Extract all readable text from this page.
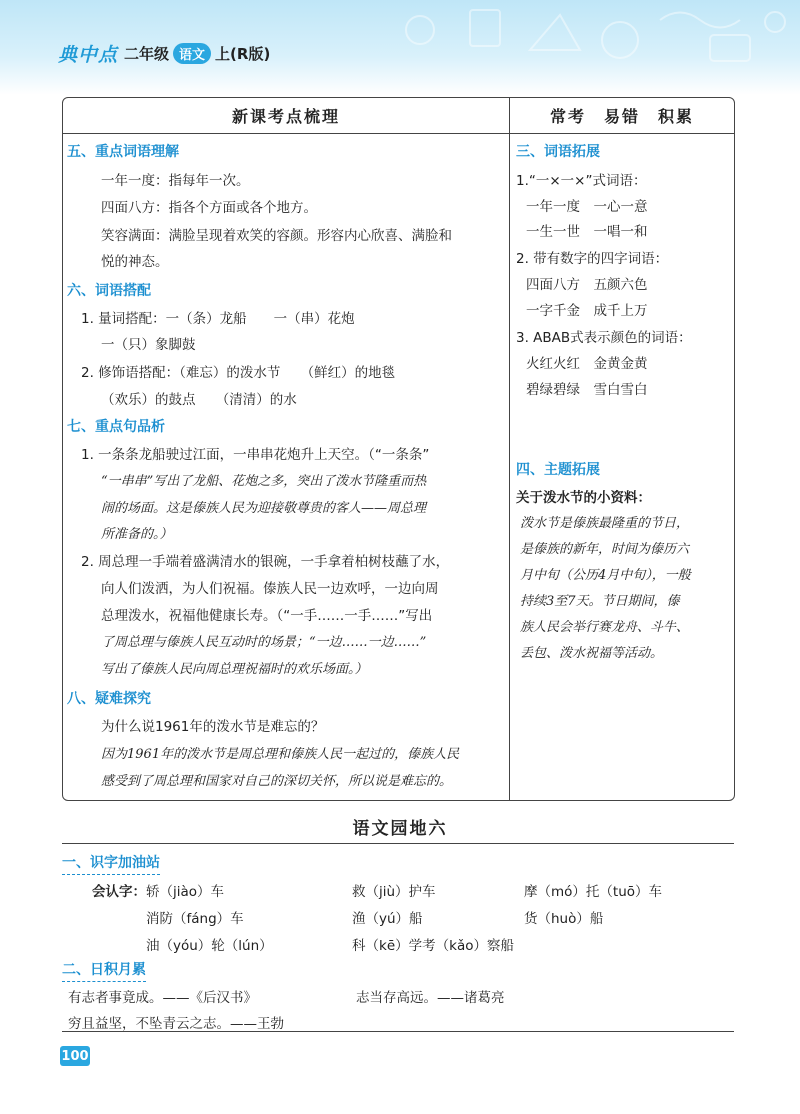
典中点 二年级 语文 上(R版)
新课考点梳理
五、重点词语理解
一年一度：指每年一次。
四面八方：指各个方面或各个地方。
笑容满面：满脸呈现着欢笑的容颜。形容内心欣喜、满脸和
悦的神态。
六、词语搭配
1. 量词搭配：一（条）龙船　　一（串）花炮
一（只）象脚鼓
2. 修饰语搭配：（难忘）的泼水节　　（鲜红）的地毯
（欢乐）的鼓点　　（清清）的水
七、重点句品析
1. 一条条龙船驶过江面，一串串花炮升上天空。（“一条条”
“一串串”写出了龙船、花炮之多，突出了泼水节隆重而热
闹的场面。这是傣族人民为迎接敬尊贵的客人——周总理
所准备的。）
2. 周总理一手端着盛满清水的银碗，一手拿着柏树枝蘸了水，
向人们泼洒，为人们祝福。傣族人民一边欢呼，一边向周
总理泼水，祝福他健康长寿。（“一手……一手……”写出
了周总理与傣族人民互动时的场景；“一边……一边……”
写出了傣族人民向周总理祝福时的欢乐场面。）
八、疑难探究
为什么说1961年的泼水节是难忘的？
因为1961年的泼水节是周总理和傣族人民一起过的，傣族人民
感受到了周总理和国家对自己的深切关怀，所以说是难忘的。
常考　易错　积累
三、词语拓展
1.“一×一×”式词语：
一年一度　一心一意
一生一世　一唱一和
2. 带有数字的四字词语：
四面八方　五颜六色
一字千金　成千上万
3. ABAB式表示颜色的词语：
火红火红　金黄金黄
碧绿碧绿　雪白雪白
四、主题拓展
关于泼水节的小资料：
泼水节是傣族最隆重的节日，
是傣族的新年，时间为傣历六
月中旬（公历4月中旬），一般
持续3至7天。节日期间，傣
族人民会举行赛龙舟、斗牛、
丢包、泼水祝福等活动。
语文园地六
一、识字加油站
会认字： 轿（jiào）车	救（jiù）护车	摩（mó）托（tuō）车
消防（fáng）车	渔（yú）船	货（huò）船
油（yóu）轮（lún）	科（kē）学考（kǎo）察船
二、日积月累
有志者事竟成。——《后汉书》	志当存高远。——诸葛亮
穷且益坚，不坠青云之志。——王勃
100
